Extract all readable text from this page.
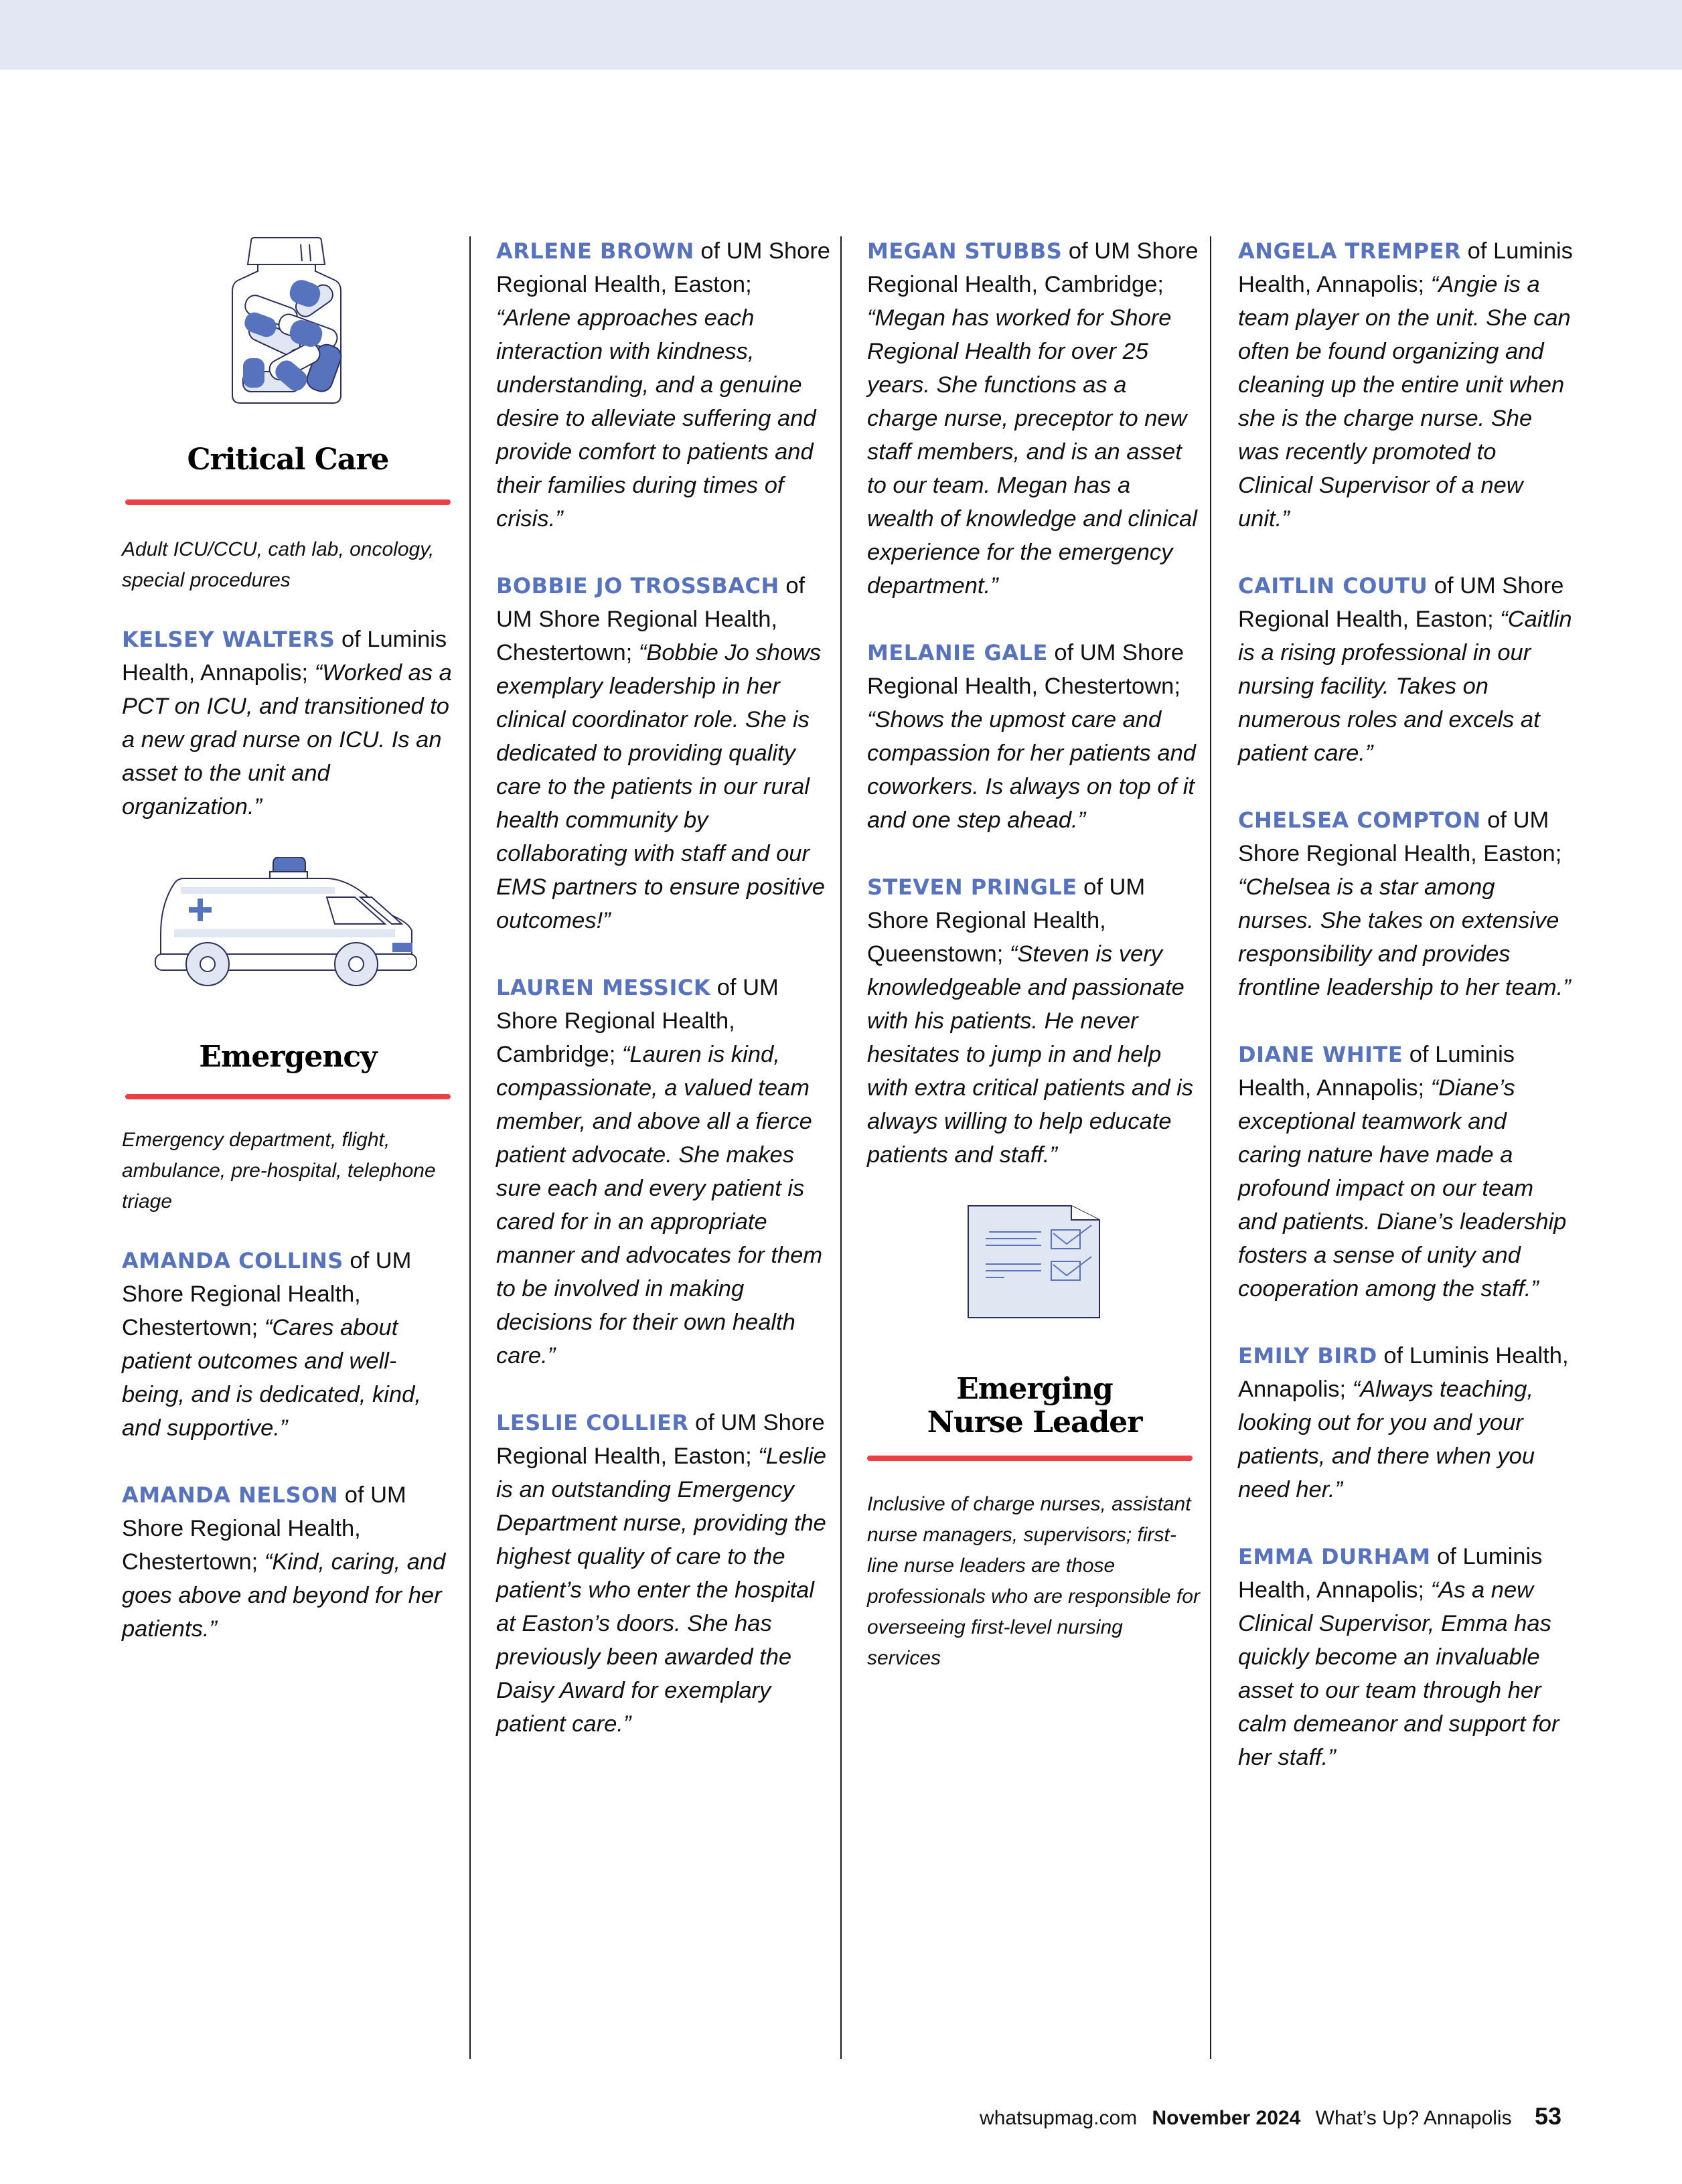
Critical Care
Adult ICU/CCU, cath lab, oncology, special procedures
KELSEY WALTERS of Luminis Health, Annapolis; “Worked as a PCT on ICU, and transitioned to a new grad nurse on ICU. Is an asset to the unit and organization.”
Emergency
Emergency department, flight, ambulance, pre-hospital, telephone triage
AMANDA COLLINS of UM Shore Regional Health, Chestertown; “Cares about patient outcomes and well-being, and is dedicated, kind, and supportive.”
AMANDA NELSON of UM Shore Regional Health, Chestertown; “Kind, caring, and goes above and beyond for her patients.”
ARLENE BROWN of UM Shore Regional Health, Easton; “Arlene approaches each interaction with kindness, understanding, and a genuine desire to alleviate suffering and provide comfort to patients and their families during times of crisis.”
BOBBIE JO TROSSBACH of UM Shore Regional Health, Chestertown; “Bobbie Jo shows exemplary leadership in her clinical coordinator role. She is dedicated to providing quality care to the patients in our rural health community by collaborating with staff and our EMS partners to ensure positive outcomes!”
LAUREN MESSICK of UM Shore Regional Health, Cambridge; “Lauren is kind, compassionate, a valued team member, and above all a fierce patient advocate. She makes sure each and every patient is cared for in an appropriate manner and advocates for them to be involved in making decisions for their own health care.”
LESLIE COLLIER of UM Shore Regional Health, Easton; “Leslie is an outstanding Emergency Department nurse, providing the highest quality of care to the patient’s who enter the hospital at Easton’s doors. She has previously been awarded the Daisy Award for exemplary patient care.”
MEGAN STUBBS of UM Shore Regional Health, Cambridge; “Megan has worked for Shore Regional Health for over 25 years. She functions as a charge nurse, preceptor to new staff members, and is an asset to our team. Megan has a wealth of knowledge and clinical experience for the emergency department.”
MELANIE GALE of UM Shore Regional Health, Chestertown; “Shows the upmost care and compassion for her patients and coworkers. Is always on top of it and one step ahead.”
STEVEN PRINGLE of UM Shore Regional Health, Queenstown; “Steven is very knowledgeable and passionate with his patients. He never hesitates to jump in and help with extra critical patients and is always willing to help educate patients and staff.”
Emerging
Nurse Leader
Inclusive of charge nurses, assistant nurse managers, supervisors; first-line nurse leaders are those professionals who are responsible for overseeing first-level nursing services
ANGELA TREMPER of Luminis Health, Annapolis; “Angie is a team player on the unit. She can often be found organizing and cleaning up the entire unit when she is the charge nurse. She was recently promoted to Clinical Supervisor of a new unit.”
CAITLIN COUTU of UM Shore Regional Health, Easton; “Caitlin is a rising professional in our nursing facility. Takes on numerous roles and excels at patient care.”
CHELSEA COMPTON of UM Shore Regional Health, Easton; “Chelsea is a star among nurses. She takes on extensive responsibility and provides frontline leadership to her team.”
DIANE WHITE of Luminis Health, Annapolis; “Diane’s exceptional teamwork and caring nature have made a profound impact on our team and patients. Diane’s leadership fosters a sense of unity and cooperation among the staff.”
EMILY BIRD of Luminis Health, Annapolis; “Always teaching, looking out for you and your patients, and there when you need her.”
EMMA DURHAM of Luminis Health, Annapolis; “As a new Clinical Supervisor, Emma has quickly become an invaluable asset to our team through her calm demeanor and support for her staff.”
whatsupmag.com November 2024 What’s Up? Annapolis 53
